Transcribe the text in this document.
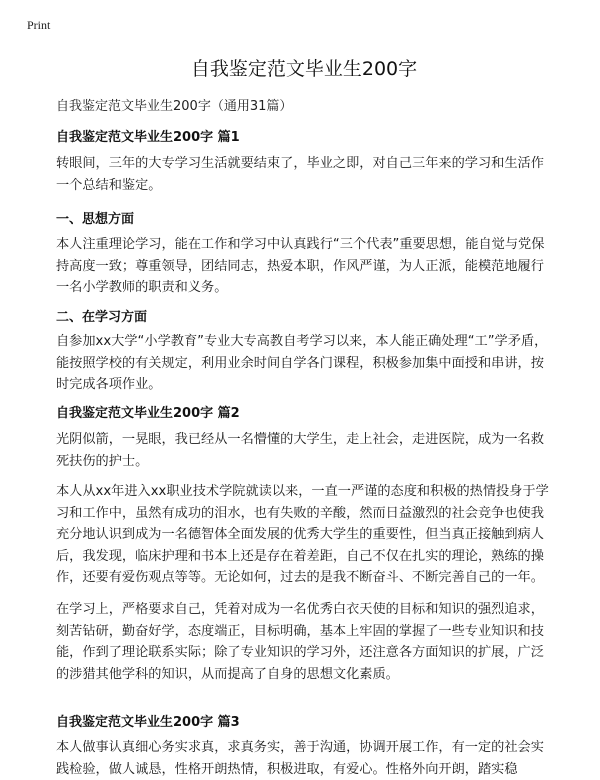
Print
自我鉴定范文毕业生200字
自我鉴定范文毕业生200字（通用31篇）
自我鉴定范文毕业生200字 篇1

转眼间，三年的大专学习生活就要结束了，毕业之即，对自己三年来的学习和生活作一个总结和鉴定。

一、思想方面

本人注重理论学习，能在工作和学习中认真践行“三个代表”重要思想，能自觉与党保持高度一致；尊重领导，团结同志，热爱本职，作风严谨，为人正派，能模范地履行一名小学教师的职责和义务。

二、在学习方面

自参加xx大学“小学教育”专业大专高教自考学习以来，本人能正确处理“工”学矛盾，能按照学校的有关规定，利用业余时间自学各门课程，积极参加集中面授和串讲，按时完成各项作业。

自我鉴定范文毕业生200字 篇2

光阴似箭，一晃眼，我已经从一名懵懂的大学生，走上社会，走进医院，成为一名救死扶伤的护士。

本人从xx年进入xx职业技术学院就读以来，一直一严谨的态度和积极的热情投身于学习和工作中，虽然有成功的泪水，也有失败的辛酸，然而日益激烈的社会竞争也使我充分地认识到成为一名德智体全面发展的优秀大学生的重要性，但当真正接触到病人后，我发现，临床护理和书本上还是存在着差距，自己不仅在扎实的理论，熟练的操作，还要有爱伤观点等等。无论如何，过去的是我不断奋斗、不断完善自己的一年。

在学习上，严格要求自己，凭着对成为一名优秀白衣天使的目标和知识的强烈追求，刻苦钻研，勤奋好学，态度端正，目标明确，基本上牢固的掌握了一些专业知识和技能，作到了理论联系实际；除了专业知识的学习外，还注意各方面知识的扩展，广泛的涉猎其他学科的知识，从而提高了自身的思想文化素质。

自我鉴定范文毕业生200字 篇3

本人做事认真细心务实求真，求真务实，善于沟通，协调开展工作，有一定的社会实践检验，做人诚恳，性格开朗热情，积极进取，有爱心。性格外向开朗，踏实稳
